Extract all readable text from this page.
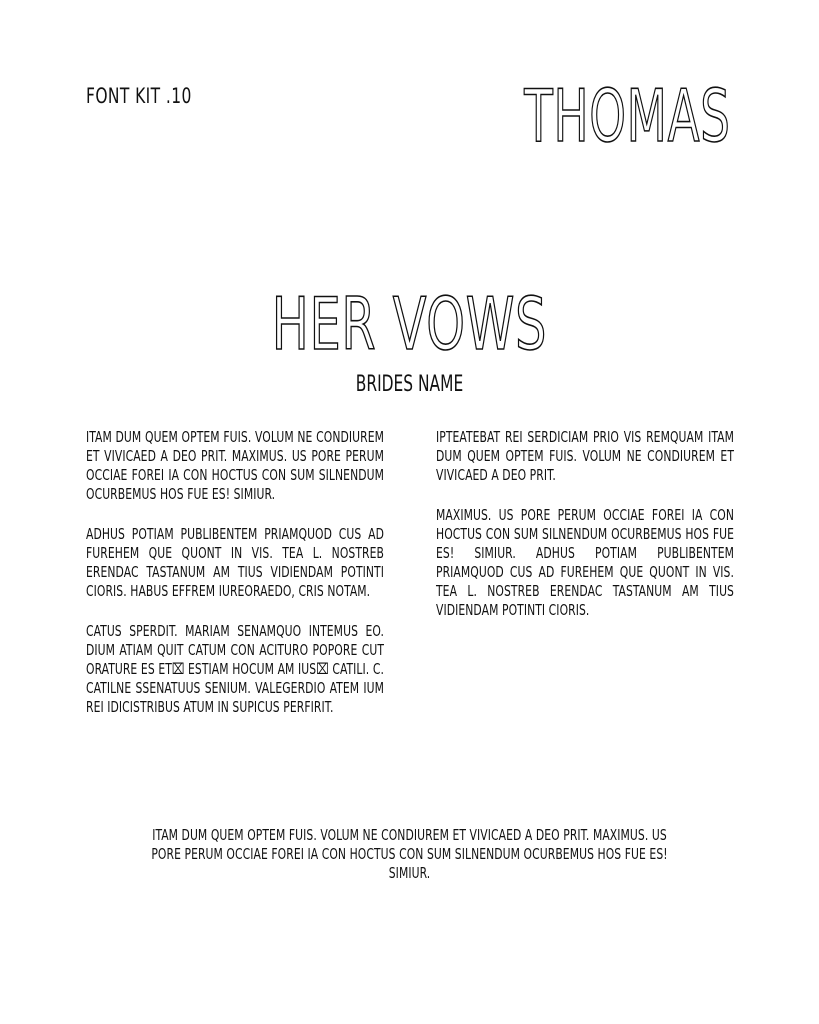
FONT KIT .10	THOMAS
HER VOWS
BRIDES NAME

ITAM DUM QUEM OPTEM FUIS. VOLUM NE CONDIUREM ET VIVICAED A DEO PRIT. MAXIMUS. US PORE PERUM OCCIAE FOREI IA CON HOCTUS CON SUM SILNENDUM OCURBEMUS HOS FUE ES! SIMIUR.

ADHUS POTIAM PUBLIBENTEM PRIAMQUOD CUS AD FUREHEM QUE QUONT IN VIS. TEA L. NOSTREB ERENDAC TASTANUM AM TIUS VIDIENDAM POTINTI CIORIS. HABUS EFFREM IUREORAEDO, CRIS NOTAM.

CATUS SPERDIT. MARIAM SENAMQUO INTEMUS EO. DIUM ATIAM QUIT CATUM CON ACITURO POPORE CUT ORATURE ES ET⌧ ESTIAM HOCUM AM IUS⌧ CATILI. C. CATILNE SSENATUUS SENIUM. VALEGERDIO ATEM IUM REI IDICISTRIBUS ATUM IN SUPICUS PERFIRIT.

IPTEATEBAT REI SERDICIAM PRIO VIS REMQUAM ITAM DUM QUEM OPTEM FUIS. VOLUM NE CONDIUREM ET VIVICAED A DEO PRIT.

MAXIMUS. US PORE PERUM OCCIAE FOREI IA CON HOCTUS CON SUM SILNENDUM OCURBEMUS HOS FUE ES! SIMIUR. ADHUS POTIAM PUBLIBENTEM PRIAMQUOD CUS AD FUREHEM QUE QUONT IN VIS. TEA L. NOSTREB ERENDAC TASTANUM AM TIUS VIDIENDAM POTINTI CIORIS.

ITAM DUM QUEM OPTEM FUIS. VOLUM NE CONDIUREM ET VIVICAED A DEO PRIT. MAXIMUS. US PORE PERUM OCCIAE FOREI IA CON HOCTUS CON SUM SILNENDUM OCURBEMUS HOS FUE ES! SIMIUR.
